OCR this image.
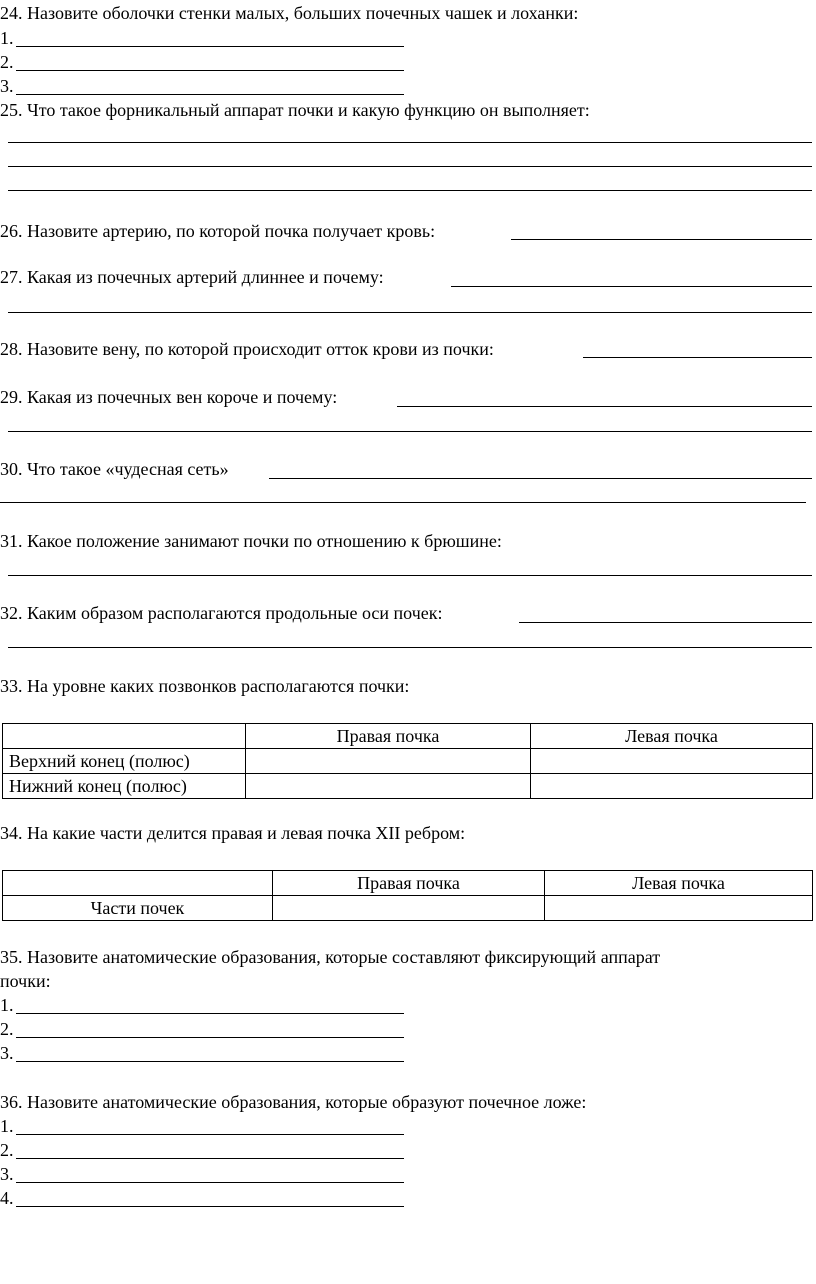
24. Назовите оболочки стенки малых, больших почечных чашек и лоханки:
1.
2.
3.
25. Что такое форникальный аппарат почки и какую функцию он выполняет:
26. Назовите артерию, по которой почка получает кровь:
27. Какая из почечных артерий длиннее и почему:
28. Назовите вену, по которой происходит отток крови из почки:
29. Какая из почечных вен короче и почему:
30. Что такое «чудесная сеть»
31. Какое положение занимают почки по отношению к брюшине:
32. Каким образом располагаются продольные оси почек:
33. На уровне каких позвонков располагаются почки:
	Правая почка	Левая почка
Верхний конец (полюс)		
Нижний конец (полюс)		
34. На какие части делится правая и левая почка XII ребром:
	Правая почка	Левая почка
Части почек		
35. Назовите анатомические образования, которые составляют фиксирующий аппарат
почки:
1.
2.
3.
36. Назовите анатомические образования, которые образуют почечное ложе:
1.
2.
3.
4.
